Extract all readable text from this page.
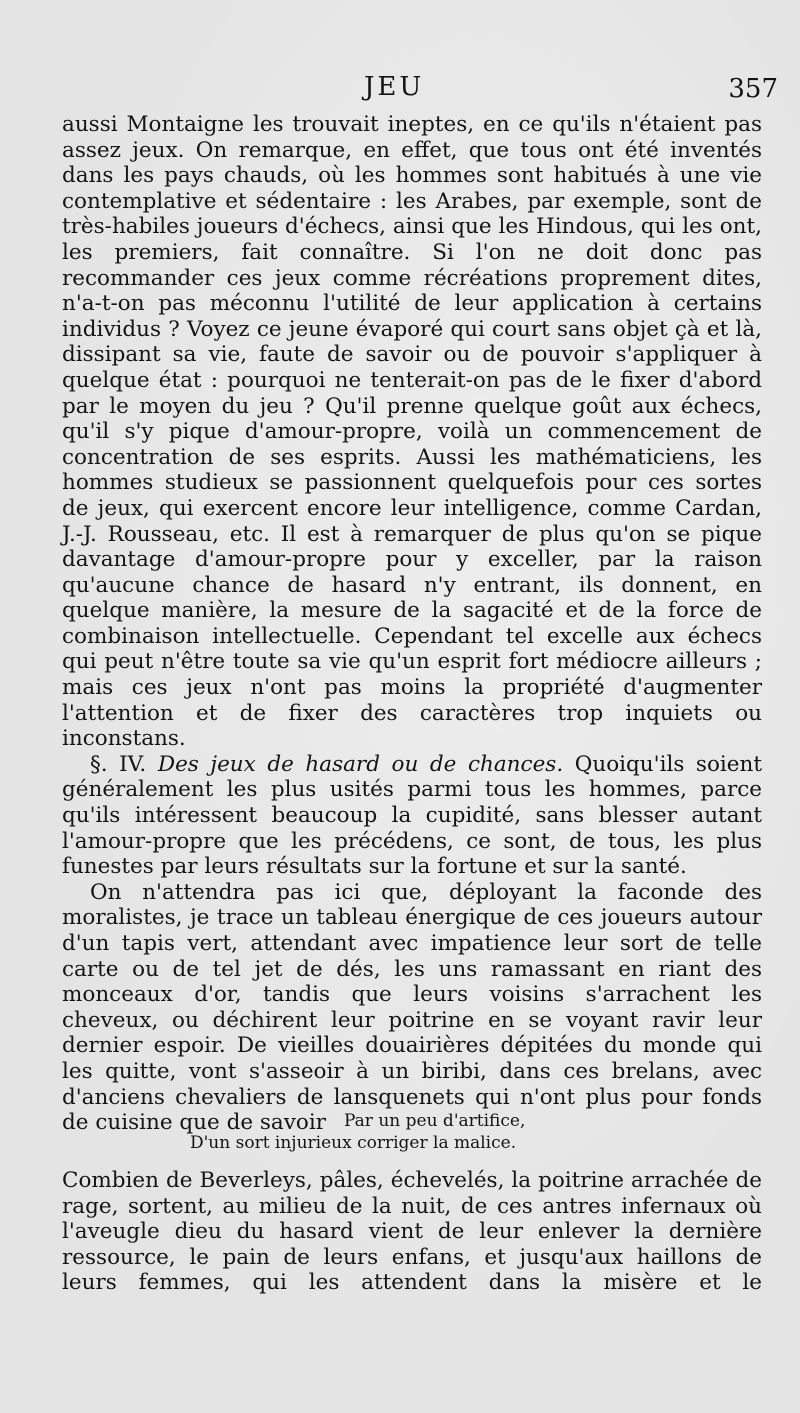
JEU	357

aussi Montaigne les trouvait ineptes, en ce qu'ils n'étaient pas assez jeux. On remarque, en effet, que tous ont été inventés dans les pays chauds, où les hommes sont habitués à une vie contemplative et sédentaire : les Arabes, par exemple, sont de très-habiles joueurs d'échecs, ainsi que les Hindous, qui les ont, les premiers, fait connaître. Si l'on ne doit donc pas recommander ces jeux comme récréations proprement dites, n'a-t-on pas méconnu l'utilité de leur application à certains individus ? Voyez ce jeune évaporé qui court sans objet çà et là, dissipant sa vie, faute de savoir ou de pouvoir s'appliquer à quelque état : pourquoi ne tenterait-on pas de le fixer d'abord par le moyen du jeu ? Qu'il prenne quelque goût aux échecs, qu'il s'y pique d'amour-propre, voilà un commencement de concentration de ses esprits. Aussi les mathématiciens, les hommes studieux se passionnent quelquefois pour ces sortes de jeux, qui exercent encore leur intelligence, comme Cardan, J.-J. Rousseau, etc. Il est à remarquer de plus qu'on se pique davantage d'amour-propre pour y exceller, par la raison qu'aucune chance de hasard n'y entrant, ils donnent, en quelque manière, la mesure de la sagacité et de la force de combinaison intellectuelle. Cependant tel excelle aux échecs qui peut n'être toute sa vie qu'un esprit fort médiocre ailleurs ; mais ces jeux n'ont pas moins la propriété d'augmenter l'attention et de fixer des caractères trop inquiets ou inconstans.

§. IV. Des jeux de hasard ou de chances. Quoiqu'ils soient généralement les plus usités parmi tous les hommes, parce qu'ils intéressent beaucoup la cupidité, sans blesser autant l'amour-propre que les précédens, ce sont, de tous, les plus funestes par leurs résultats sur la fortune et sur la santé.

On n'attendra pas ici que, déployant la faconde des moralistes, je trace un tableau énergique de ces joueurs autour d'un tapis vert, attendant avec impatience leur sort de telle carte ou de tel jet de dés, les uns ramassant en riant des monceaux d'or, tandis que leurs voisins s'arrachent les cheveux, ou déchirent leur poitrine en se voyant ravir leur dernier espoir. De vieilles douairières dépitées du monde qui les quitte, vont s'asseoir à un biribi, dans ces brelans, avec d'anciens chevaliers de lansquenets qui n'ont plus pour fonds de cuisine que de savoir	Par un peu d'artifice,
D'un sort injurieux corriger la malice.

Combien de Beverleys, pâles, échevelés, la poitrine arrachée de rage, sortent, au milieu de la nuit, de ces antres infernaux où l'aveugle dieu du hasard vient de leur enlever la dernière ressource, le pain de leurs enfans, et jusqu'aux haillons de leurs femmes, qui les attendent dans la misère et le
